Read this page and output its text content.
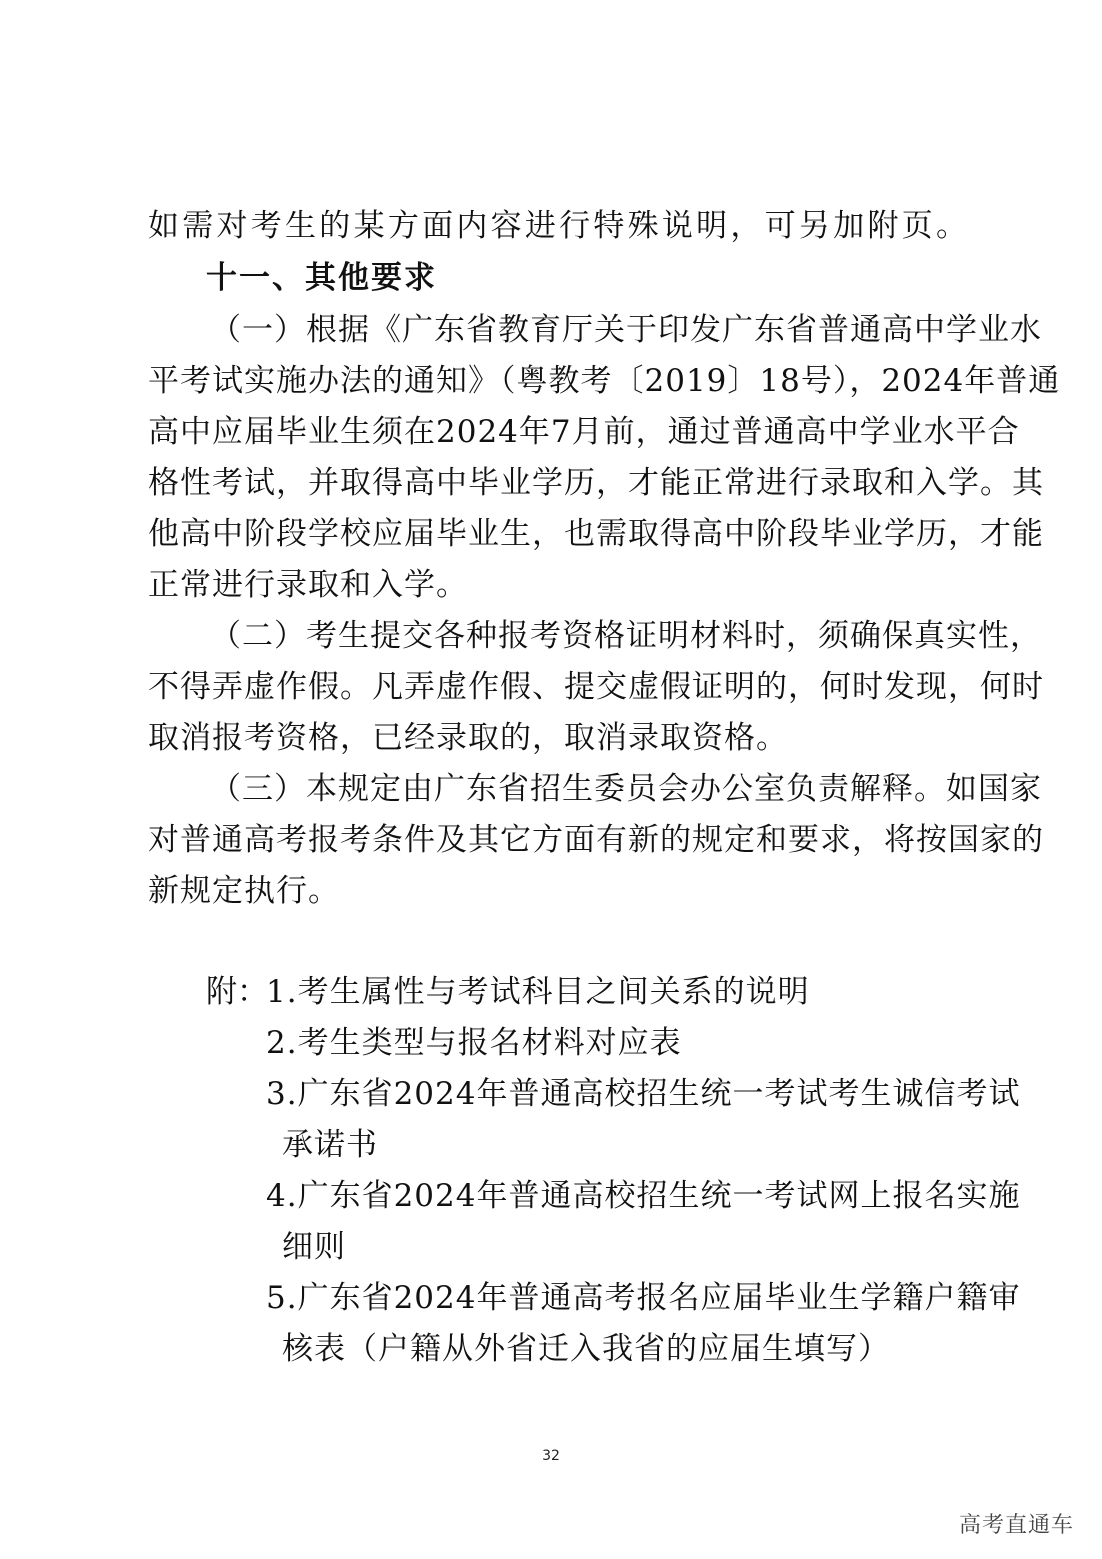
如需对考生的某方面内容进行特殊说明，可另加附页。
十一、其他要求
（一）根据《广东省教育厅关于印发广东省普通高中学业水
平考试实施办法的通知》（粤教考〔2019〕18号），2024年普通
高中应届毕业生须在2024年7月前，通过普通高中学业水平合
格性考试，并取得高中毕业学历，才能正常进行录取和入学。其
他高中阶段学校应届毕业生，也需取得高中阶段毕业学历，才能
正常进行录取和入学。
（二）考生提交各种报考资格证明材料时，须确保真实性，
不得弄虚作假。凡弄虚作假、提交虚假证明的，何时发现，何时
取消报考资格，已经录取的，取消录取资格。
（三）本规定由广东省招生委员会办公室负责解释。如国家
对普通高考报考条件及其它方面有新的规定和要求，将按国家的
新规定执行。
附：
1.考生属性与考试科目之间关系的说明
2.考生类型与报名材料对应表
3.广东省2024年普通高校招生统一考试考生诚信考试
承诺书
4.广东省2024年普通高校招生统一考试网上报名实施
细则
5.广东省2024年普通高考报名应届毕业生学籍户籍审
核表（户籍从外省迁入我省的应届生填写）
32
高考直通车
